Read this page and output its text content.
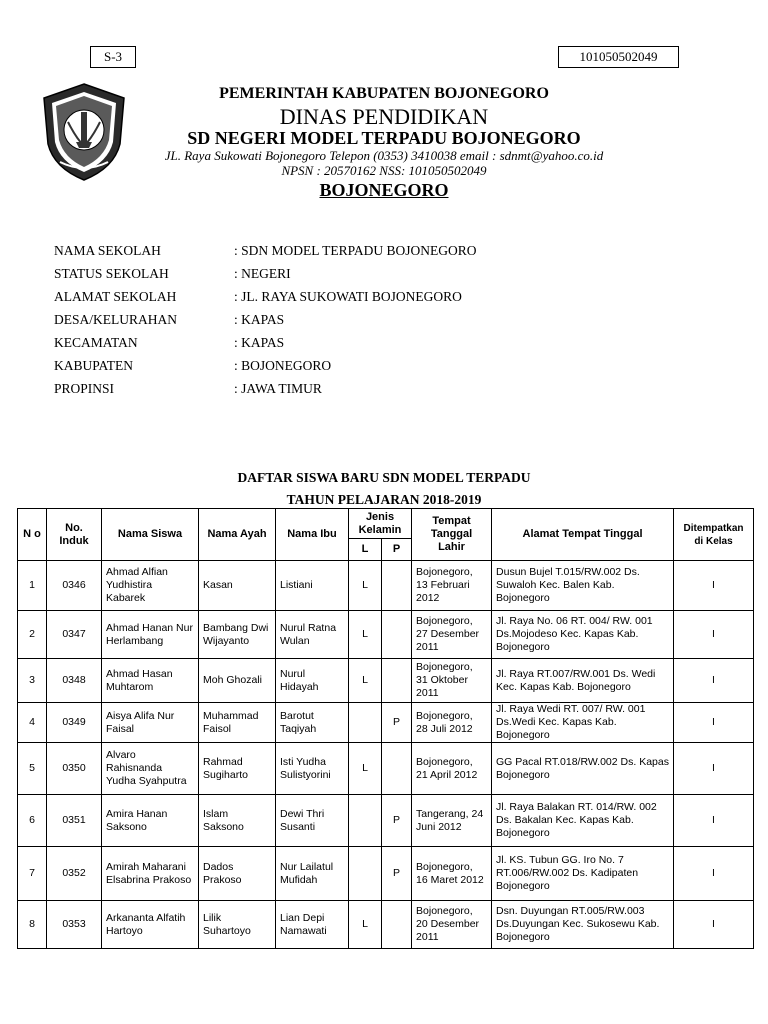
S-3	101050502049
PEMERINTAH KABUPATEN BOJONEGORO
DINAS PENDIDIKAN
SD NEGERI MODEL TERPADU BOJONEGORO
JL. Raya Sukowati Bojonegoro Telepon (0353) 3410038 email : sdnmt@yahoo.co.id
NPSN : 20570162 NSS: 101050502049
BOJONEGORO
NAMA SEKOLAH	: SDN MODEL TERPADU BOJONEGORO
STATUS SEKOLAH	: NEGERI
ALAMAT SEKOLAH	: JL. RAYA SUKOWATI BOJONEGORO
DESA/KELURAHAN	: KAPAS
KECAMATAN	: KAPAS
KABUPATEN	: BOJONEGORO
PROPINSI	: JAWA TIMUR
DAFTAR SISWA BARU SDN MODEL TERPADU
TAHUN PELAJARAN 2018-2019
N o	No. Induk	Nama Siswa	Nama Ayah	Nama Ibu	Jenis Kelamin		Tempat Tanggal Lahir	Alamat Tempat Tinggal	Ditempatkan di Kelas
					L	P			
1	0346	Ahmad Alfian Yudhistira Kabarek	Kasan	Listiani	L		Bojonegoro, 13 Februari 2012	Dusun Bujel T.015/RW.002 Ds. Suwaloh Kec. Balen Kab. Bojonegoro	I
2	0347	Ahmad Hanan Nur Herlambang	Bambang Dwi Wijayanto	Nurul Ratna Wulan	L		Bojonegoro, 27 Desember 2011	Jl. Raya No. 06 RT. 004/ RW. 001 Ds.Mojodeso Kec. Kapas Kab. Bojonegoro	I
3	0348	Ahmad Hasan Muhtarom	Moh Ghozali	Nurul Hidayah	L		Bojonegoro, 31 Oktober 2011	Jl. Raya RT.007/RW.001 Ds. Wedi Kec. Kapas Kab. Bojonegoro	I
4	0349	Aisya Alifa Nur Faisal	Muhammad Faisol	Barotut Taqiyah		P	Bojonegoro, 28 Juli 2012	Jl. Raya Wedi RT. 007/ RW. 001 Ds.Wedi Kec. Kapas Kab. Bojonegoro	I
5	0350	Alvaro Rahisnanda Yudha Syahputra	Rahmad Sugiharto	Isti Yudha Sulistyorini	L		Bojonegoro, 21 April 2012	GG Pacal RT.018/RW.002 Ds. Kapas Bojonegoro	I
6	0351	Amira Hanan Saksono	Islam Saksono	Dewi Thri Susanti		P	Tangerang, 24 Juni 2012	Jl. Raya Balakan RT. 014/RW. 002 Ds. Bakalan Kec. Kapas Kab. Bojonegoro	I
7	0352	Amirah Maharani Elsabrina Prakoso	Dados Prakoso	Nur Lailatul Mufidah		P	Bojonegoro, 16 Maret 2012	Jl. KS. Tubun GG. Iro No. 7 RT.006/RW.002 Ds. Kadipaten Bojonegoro	I
8	0353	Arkananta Alfatih Hartoyo	Lilik Suhartoyo	Lian Depi Namawati	L		Bojonegoro, 20 Desember 2011	Dsn. Duyungan RT.005/RW.003 Ds.Duyungan Kec. Sukosewu Kab. Bojonegoro	I
